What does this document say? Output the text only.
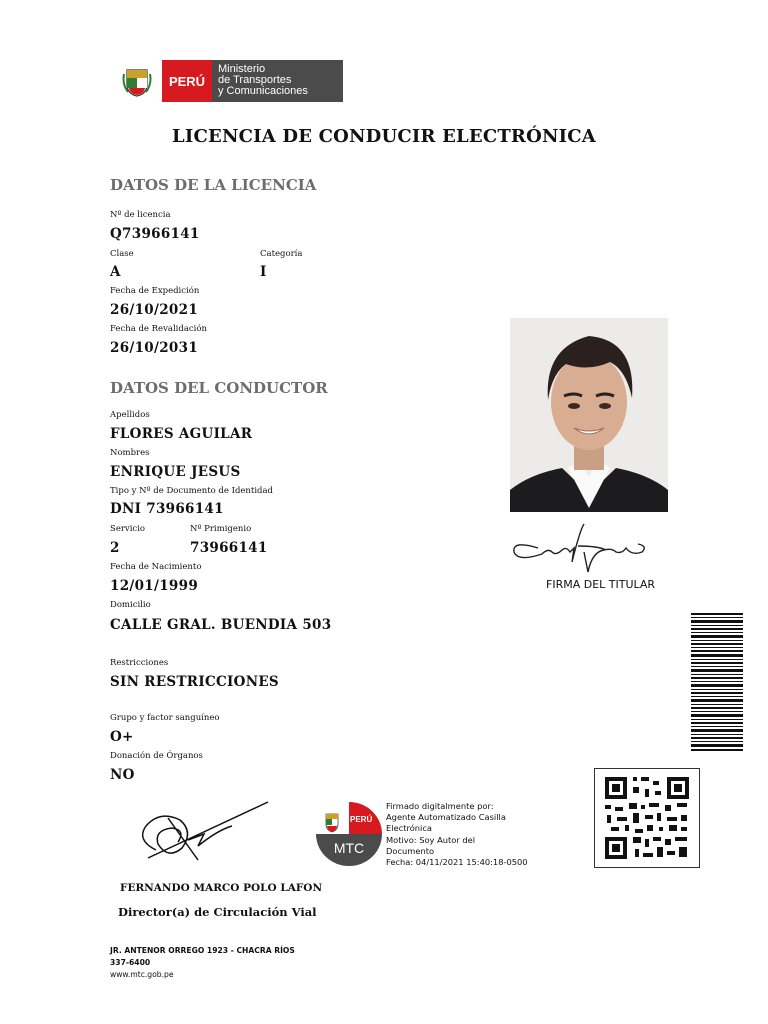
PERÚ
Ministerio
de Transportes
y Comunicaciones
LICENCIA DE CONDUCIR ELECTRÓNICA
DATOS DE LA LICENCIA
Nº de licencia
Q73966141
Clase	Categoría
A	I
Fecha de Expedición
26/10/2021
Fecha de Revalidación
26/10/2031
DATOS DEL CONDUCTOR
Apellidos
FLORES AGUILAR
Nombres
ENRIQUE JESUS
Tipo y Nº de Documento de Identidad
DNI 73966141
Servicio	Nº Primigenio
2	73966141
Fecha de Nacimiento
12/01/1999
Domicilio
CALLE GRAL. BUENDIA 503
Restricciones
SIN RESTRICCIONES
Grupo y factor sanguíneo
O+
Donación de Órganos
NO
FIRMA DEL TITULAR
PERÚ
MTC
Firmado digitalmente por:
Agente Automatizado Casilla
Electrónica
Motivo: Soy Autor del
Documento
Fecha: 04/11/2021 15:40:18-0500
FERNANDO MARCO POLO LAFON
Director(a) de Circulación Vial
JR. ANTENOR ORREGO 1923 - CHACRA RÍOS
337-6400
www.mtc.gob.pe
